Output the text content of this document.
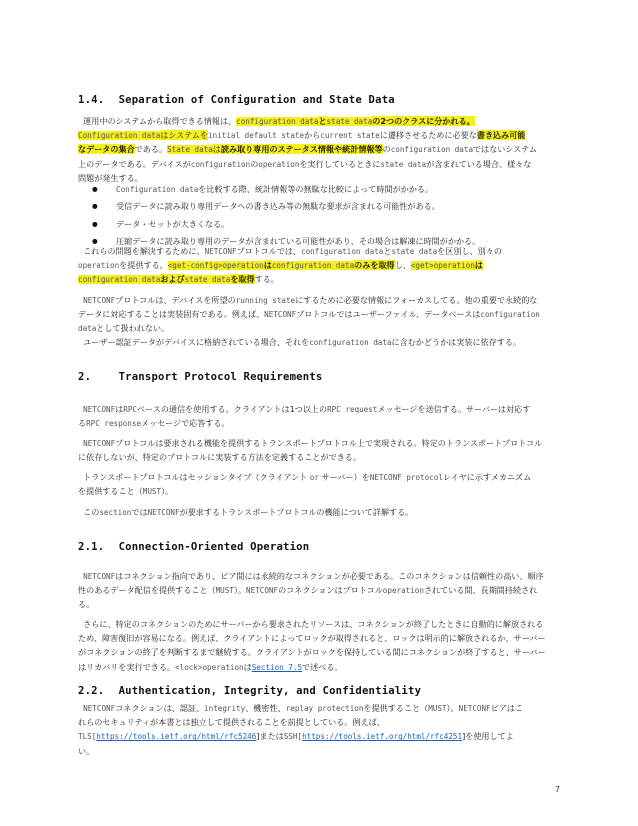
1.4. Separation of Configuration and State Data
運用中のシステムから取得できる情報は、configuration dataとstate dataの2つのクラスに分かれる。
Configuration dataはシステムをinitial default stateからcurrent stateに遷移させるために必要な書き込み可能
なデータの集合である。State dataは読み取り専用のステータス情報や統計情報等のconfiguration dataではないシステム
上のデータである。デバイスがconfigurationのoperationを実行しているときにstate dataが含まれている場合、様々な
問題が発生する。
● Configuration dataを比較する際、統計情報等の無駄な比較によって時間がかかる。
● 受信データに読み取り専用データへの書き込み等の無駄な要求が含まれる可能性がある。
● データ・セットが大きくなる。
● 圧縮データに読み取り専用のデータが含まれている可能性があり、その場合は解凍に時間がかかる。
これらの問題を解決するために、NETCONFプロトコルでは、configuration dataとstate dataを区別し、別々の
operationを提供する。<get-config>operationはconfiguration dataのみを取得し、<get>operationは
configuration dataおよびstate dataを取得する。
NETCONFプロトコルは、デバイスを所望のrunning stateにするために必要な情報にフォーカスしてる。他の重要で永続的な
データに対応することは実装固有である。例えば、NETCONFプロトコルではユーザーファイル、データベースはconfiguration
dataとして扱われない。
ユーザー認証データがデバイスに格納されている場合、それをconfiguration dataに含むかどうかは実装に依存する。
2.	Transport Protocol Requirements
NETCONFはRPCベースの通信を使用する。クライアントは1つ以上のRPC requestメッセージを送信する。サーバーは対応す
るRPC responseメッセージで応答する。
NETCONFプロトコルは要求される機能を提供するトランスポートプロトコル上で実現される。特定のトランスポートプロトコル
に依存しないが、特定のプロトコルに実装する方法を定義することができる。
トランスポートプロトコルはセッションタイプ（クライアント or サーバー）をNETCONF protocolレイヤに示すメカニズム
を提供すること（MUST）。
このsectionではNETCONFが要求するトランスポートプロトコルの機能について詳解する。
2.1. Connection-Oriented Operation
NETCONFはコネクション指向であり、ピア間には永続的なコネクションが必要である。このコネクションは信頼性の高い、順序
性のあるデータ配信を提供すること（MUST）。NETCONFのコネクションはプロトコルoperationされている間、長期間持続され
る。
さらに、特定のコネクションのためにサーバーから要求されたリソースは、コネクションが終了したときに自動的に解放される
ため、障害復旧が容易になる。例えば、クライアントによってロックが取得されると、ロックは明示的に解放されるか、サーバー
がコネクションの終了を判断するまで継続する。クライアントがロックを保持している間にコネクションが終了すると、サーバー
はリカバリを実行できる。<lock>operationはSection 7.5で述べる。
2.2. Authentication, Integrity, and Confidentiality
NETCONFコネクションは、認証、integrity、機密性、replay protectionを提供すること（MUST）。NETCONFピアはこ
れらのセキュリティが本書とは独立して提供されることを前提としている。例えば、
TLS[https://tools.ietf.org/html/rfc5246]またはSSH[https://tools.ietf.org/html/rfc4251]を使用してよ
い。
7
